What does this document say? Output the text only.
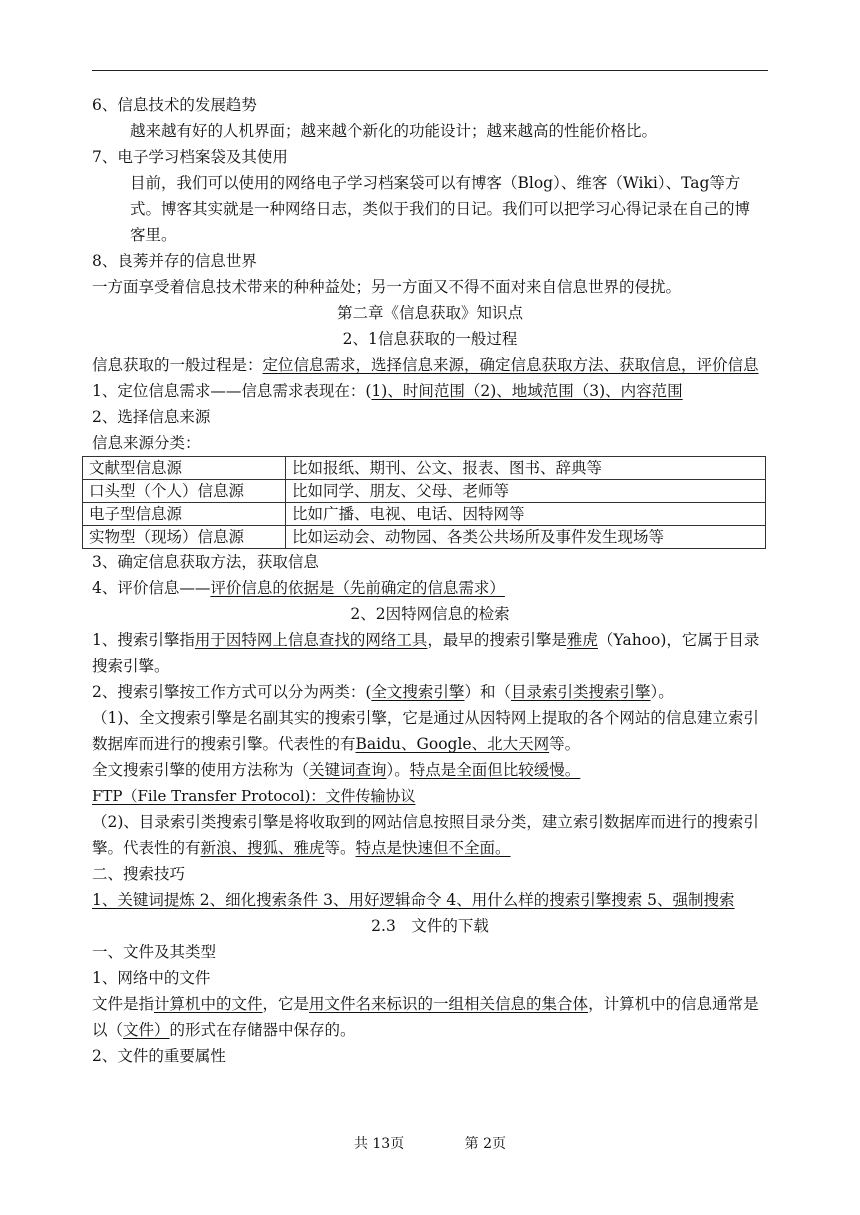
6、信息技术的发展趋势
越来越有好的人机界面；越来越个新化的功能设计；越来越高的性能价格比。
7、电子学习档案袋及其使用
目前，我们可以使用的网络电子学习档案袋可以有博客（Blog）、维客（Wiki）、Tag等方式。博客其实就是一种网络日志，类似于我们的日记。我们可以把学习心得记录在自己的博客里。
8、良莠并存的信息世界
一方面享受着信息技术带来的种种益处；另一方面又不得不面对来自信息世界的侵扰。
第二章《信息获取》知识点
2、1信息获取的一般过程
信息获取的一般过程是：定位信息需求，选择信息来源，确定信息获取方法、获取信息，评价信息
1、定位信息需求——信息需求表现在：(1)、时间范围（2)、地域范围（3)、内容范围
2、选择信息来源
信息来源分类：
文献型信息源	比如报纸、期刊、公文、报表、图书、辞典等
口头型（个人）信息源	比如同学、朋友、父母、老师等
电子型信息源	比如广播、电视、电话、因特网等
实物型（现场）信息源	比如运动会、动物园、各类公共场所及事件发生现场等
3、确定信息获取方法，获取信息
4、评价信息——评价信息的依据是（先前确定的信息需求）
2、2因特网信息的检索
1、搜索引擎指用于因特网上信息查找的网络工具，最早的搜索引擎是雅虎（Yahoo)，它属于目录搜索引擎。
2、搜索引擎按工作方式可以分为两类：(全文搜索引擎）和（目录索引类搜索引擎）。
（1)、全文搜索引擎是名副其实的搜索引擎，它是通过从因特网上提取的各个网站的信息建立索引数据库而进行的搜索引擎。代表性的有Baidu、Google、北大天网等。
全文搜索引擎的使用方法称为（关键词查询）。特点是全面但比较缓慢。
FTP（File Transfer Protocol)：文件传输协议
（2)、目录索引类搜索引擎是将收取到的网站信息按照目录分类，建立索引数据库而进行的搜索引擎。代表性的有新浪、搜狐、雅虎等。特点是快速但不全面。
二、搜索技巧
1、关键词提炼 2、细化搜索条件 3、用好逻辑命令 4、用什么样的搜索引擎搜索 5、强制搜索
2.3　文件的下载
一、文件及其类型
1、网络中的文件
文件是指计算机中的文件，它是用文件名来标识的一组相关信息的集合体，计算机中的信息通常是以（文件）的形式在存储器中保存的。
2、文件的重要属性
共 13页	第 2页
